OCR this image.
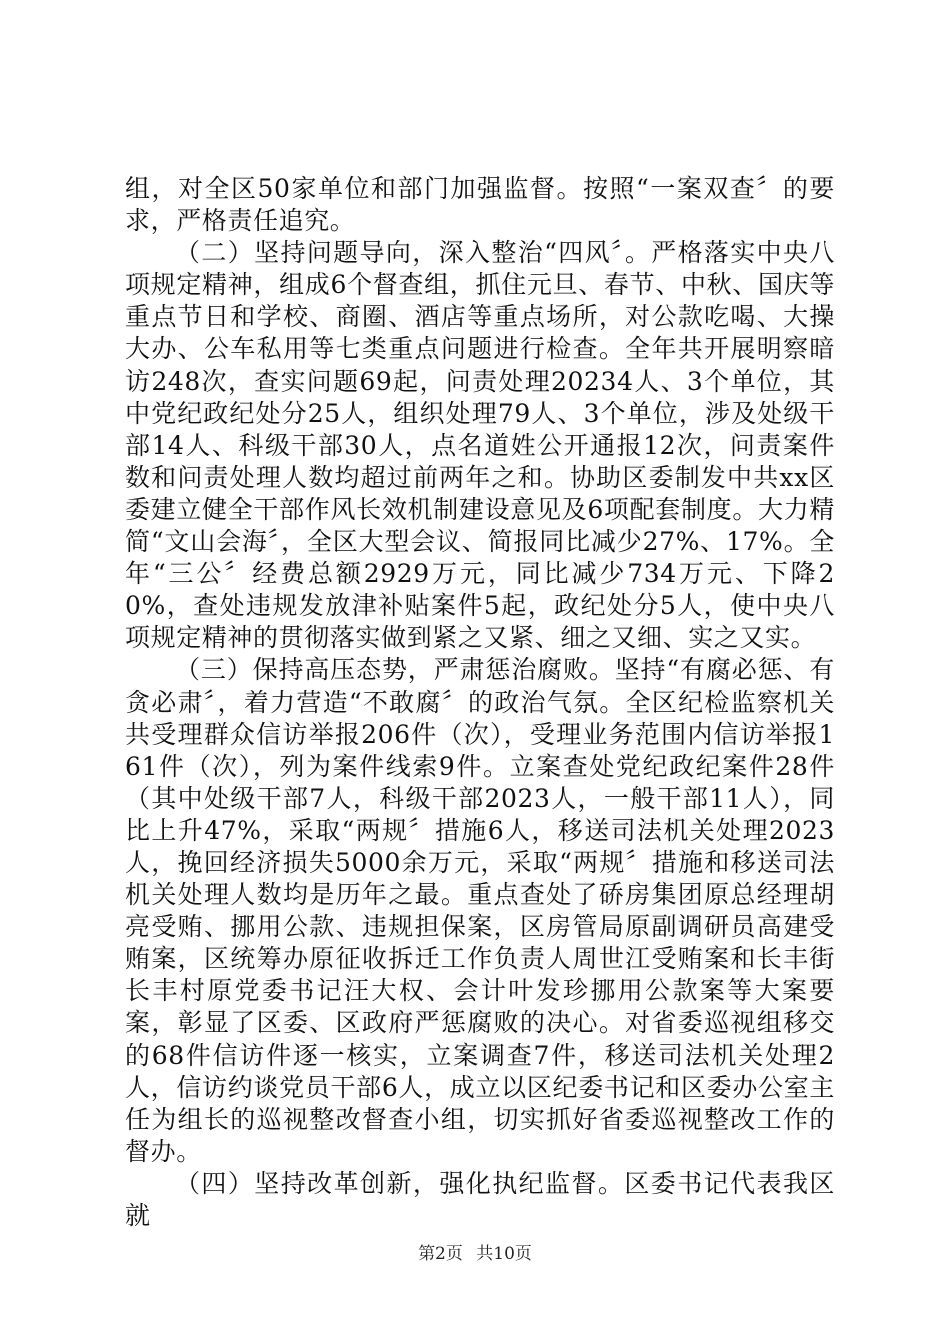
组，对全区50家单位和部门加强监督。按照“一案双查〞的要求，严格责任追究。

（二）坚持问题导向，深入整治“四风〞。严格落实中央八项规定精神，组成6个督查组，抓住元旦、春节、中秋、国庆等重点节日和学校、商圈、酒店等重点场所，对公款吃喝、大操大办、公车私用等七类重点问题进行检查。全年共开展明察暗访248次，查实问题69起，问责处理20234人、3个单位，其中党纪政纪处分25人，组织处理79人、3个单位，涉及处级干部14人、科级干部30人，点名道姓公开通报12次，问责案件数和问责处理人数均超过前两年之和。协助区委制发中共xx区委建立健全干部作风长效机制建设意见及6项配套制度。大力精简“文山会海〞，全区大型会议、简报同比减少27%、17%。全年“三公〞经费总额2929万元，同比减少734万元、下降20%，查处违规发放津补贴案件5起，政纪处分5人，使中央八项规定精神的贯彻落实做到紧之又紧、细之又细、实之又实。

（三）保持高压态势，严肃惩治腐败。坚持“有腐必惩、有贪必肃〞，着力营造“不敢腐〞的政治气氛。全区纪检监察机关共受理群众信访举报206件（次），受理业务范围内信访举报161件（次），列为案件线索9件。立案查处党纪政纪案件28件（其中处级干部7人，科级干部2023人，一般干部11人），同比上升47%，采取“两规〞措施6人，移送司法机关处理2023人，挽回经济损失5000余万元，采取“两规〞措施和移送司法机关处理人数均是历年之最。重点查处了硚房集团原总经理胡亮受贿、挪用公款、违规担保案，区房管局原副调研员高建受贿案，区统筹办原征收拆迁工作负责人周世江受贿案和长丰街长丰村原党委书记汪大权、会计叶发珍挪用公款案等大案要案，彰显了区委、区政府严惩腐败的决心。对省委巡视组移交的68件信访件逐一核实，立案调查7件，移送司法机关处理2人，信访约谈党员干部6人，成立以区纪委书记和区委办公室主任为组长的巡视整改督查小组，切实抓好省委巡视整改工作的督办。

（四）坚持改革创新，强化执纪监督。区委书记代表我区就

第2页 共10页
